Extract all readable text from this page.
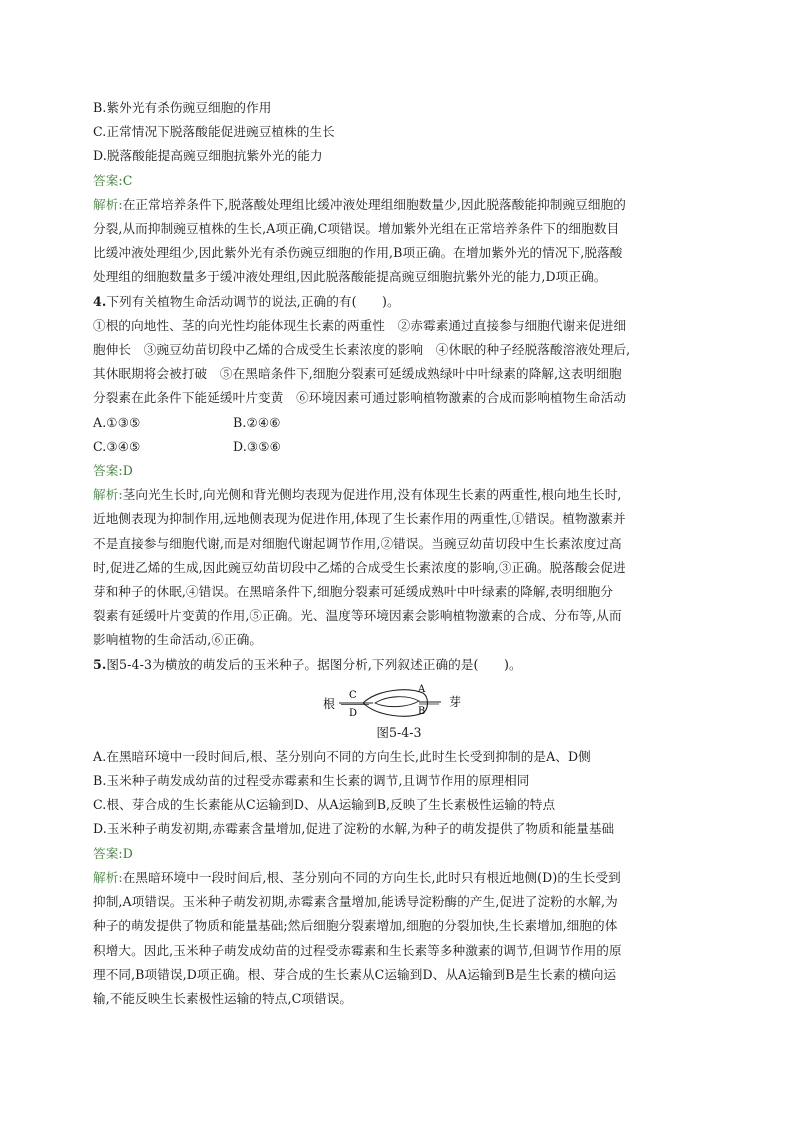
B.紫外光有杀伤豌豆细胞的作用
C.正常情况下脱落酸能促进豌豆植株的生长
D.脱落酸能提高豌豆细胞抗紫外光的能力
答案:C
解析:在正常培养条件下,脱落酸处理组比缓冲液处理组细胞数量少,因此脱落酸能抑制豌豆细胞的
分裂,从而抑制豌豆植株的生长,A项正确,C项错误。增加紫外光组在正常培养条件下的细胞数目
比缓冲液处理组少,因此紫外光有杀伤豌豆细胞的作用,B项正确。在增加紫外光的情况下,脱落酸
处理组的细胞数量多于缓冲液处理组,因此脱落酸能提高豌豆细胞抗紫外光的能力,D项正确。
4.下列有关植物生命活动调节的说法,正确的有(　　)。
①根的向地性、茎的向光性均能体现生长素的两重性　②赤霉素通过直接参与细胞代谢来促进细
胞伸长　③豌豆幼苗切段中乙烯的合成受生长素浓度的影响　④休眠的种子经脱落酸溶液处理后,
其休眠期将会被打破　⑤在黑暗条件下,细胞分裂素可延缓成熟绿叶中叶绿素的降解,这表明细胞
分裂素在此条件下能延缓叶片变黄　⑥环境因素可通过影响植物激素的合成而影响植物生命活动
A.①③⑤	B.②④⑥
C.③④⑤	D.③⑤⑥
答案:D
解析:茎向光生长时,向光侧和背光侧均表现为促进作用,没有体现生长素的两重性,根向地生长时,
近地侧表现为抑制作用,远地侧表现为促进作用,体现了生长素作用的两重性,①错误。植物激素并
不是直接参与细胞代谢,而是对细胞代谢起调节作用,②错误。当豌豆幼苗切段中生长素浓度过高
时,促进乙烯的生成,因此豌豆幼苗切段中乙烯的合成受生长素浓度的影响,③正确。脱落酸会促进
芽和种子的休眠,④错误。在黑暗条件下,细胞分裂素可延缓成熟叶中叶绿素的降解,表明细胞分
裂素有延缓叶片变黄的作用,⑤正确。光、温度等环境因素会影响植物激素的合成、分布等,从而
影响植物的生命活动,⑥正确。
5.图5-4-3为横放的萌发后的玉米种子。据图分析,下列叙述正确的是(　　)。
根
C
D
A
B
芽
图5-4-3
A.在黑暗环境中一段时间后,根、茎分别向不同的方向生长,此时生长受到抑制的是A、D侧
B.玉米种子萌发成幼苗的过程受赤霉素和生长素的调节,且调节作用的原理相同
C.根、芽合成的生长素能从C运输到D、从A运输到B,反映了生长素极性运输的特点
D.玉米种子萌发初期,赤霉素含量增加,促进了淀粉的水解,为种子的萌发提供了物质和能量基础
答案:D
解析:在黑暗环境中一段时间后,根、茎分别向不同的方向生长,此时只有根近地侧(D)的生长受到
抑制,A项错误。玉米种子萌发初期,赤霉素含量增加,能诱导淀粉酶的产生,促进了淀粉的水解,为
种子的萌发提供了物质和能量基础;然后细胞分裂素增加,细胞的分裂加快,生长素增加,细胞的体
积增大。因此,玉米种子萌发成幼苗的过程受赤霉素和生长素等多种激素的调节,但调节作用的原
理不同,B项错误,D项正确。根、芽合成的生长素从C运输到D、从A运输到B是生长素的横向运
输,不能反映生长素极性运输的特点,C项错误。
